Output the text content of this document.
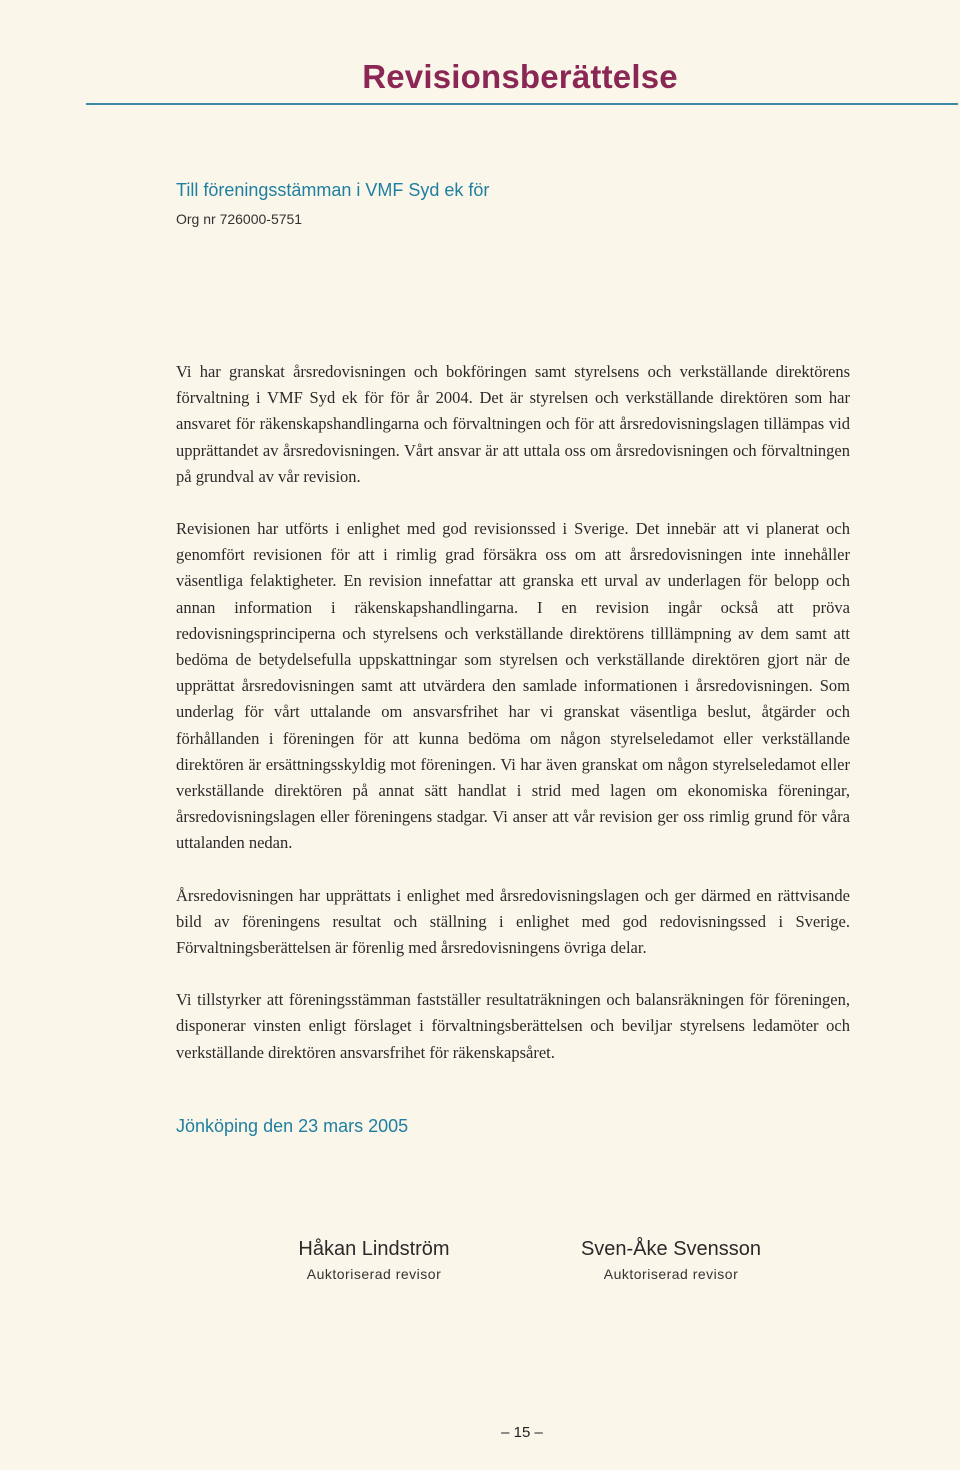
Revisionsberättelse
Till föreningsstämman i VMF Syd ek för
Org nr 726000-5751

Vi har granskat årsredovisningen och bokföringen samt styrelsens och verkställande direktörens förvaltning i VMF Syd ek för för år 2004. Det är styrelsen och verkställande direktören som har ansvaret för räkenskapshandlingarna och förvaltningen och för att årsredovisningslagen tillämpas vid upprättandet av årsredovisningen. Vårt ansvar är att uttala oss om årsredovisningen och förvaltningen på grundval av vår revision.

Revisionen har utförts i enlighet med god revisionssed i Sverige. Det innebär att vi planerat och genomfört revisionen för att i rimlig grad försäkra oss om att årsredovisningen inte innehåller väsentliga felaktigheter. En revision innefattar att granska ett urval av underlagen för belopp och annan information i räkenskapshandlingarna. I en revision ingår också att pröva redovisningsprinciperna och styrelsens och verkställande direktörens tilllämpning av dem samt att bedöma de betydelsefulla uppskattningar som styrelsen och verkställande direktören gjort när de upprättat årsredovisningen samt att utvärdera den samlade informationen i årsredovisningen. Som underlag för vårt uttalande om ansvarsfrihet har vi granskat väsentliga beslut, åtgärder och förhållanden i föreningen för att kunna bedöma om någon styrelseledamot eller verkställande direktören är ersättningsskyldig mot föreningen. Vi har även granskat om någon styrelseledamot eller verkställande direktören på annat sätt handlat i strid med lagen om ekonomiska föreningar, årsredovisningslagen eller föreningens stadgar. Vi anser att vår revision ger oss rimlig grund för våra uttalanden nedan.

Årsredovisningen har upprättats i enlighet med årsredovisningslagen och ger därmed en rättvisande bild av föreningens resultat och ställning i enlighet med god redovisningssed i Sverige. Förvaltningsberättelsen är förenlig med årsredovisningens övriga delar.

Vi tillstyrker att föreningsstämman fastställer resultaträkningen och balansräkningen för föreningen, disponerar vinsten enligt förslaget i förvaltningsberättelsen och beviljar styrelsens ledamöter och verkställande direktören ansvarsfrihet för räkenskapsåret.

Jönköping den 23 mars 2005
Håkan Lindström
Auktoriserad revisor
Sven-Åke Svensson
Auktoriserad revisor
– 15 –
